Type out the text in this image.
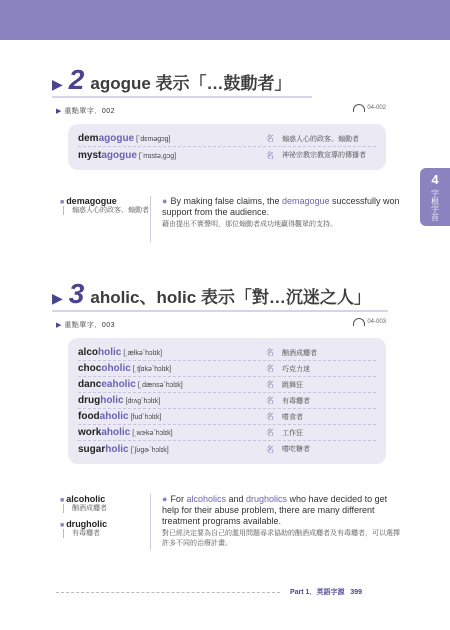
4
字根字首
▶ 2 agogue 表示「…鼓動者」
▶ 重點單字．002	04-002
demagogue [ˋdɛməgɔg]	名	煽惑人心的政客、煽動者
mystagogue [ˋmɪstə,gɔg]	名	神祕宗教宗教宣導的傳播者
■ demagogue
煽惑人心的政客、煽動者
● By making false claims, the demagogue successfully won support from the audience.
藉由提出不實聲明，那位煽動者成功地贏得觀眾的支持。
▶ 3 aholic、holic 表示「對…沉迷之人」
▶ 重點單字．003	04-003
alcoholic [ˌælkəˋhɔlɪk]	名	酗酒成癮者
chocoholic [ˌtʃɑkəˋhɔlɪk]	名	巧克力迷
danceaholic [ˌdænsəˋhɔlɪk]	名	跳舞狂
drugholic [drʌgˋhɔlɪk]	名	有毒癮者
foodaholic [fudˋhɔlɪk]	名	嗜食者
workaholic [ˌwɝkəˋhɔlɪk]	名	工作狂
sugarholic [ˋʃʊgɚˋhɔlɪk]	名	嗜吃糖者
■ alcoholic
酗酒成癮者
■ drugholic
有毒癮者
● For alcoholics and drugholics who have decided to get help for their abuse problem, there are many different treatment programs available.
對已經決定要為自己的濫用問題尋求協助的酗酒成癮者及有毒癮者，可以選擇許多不同的治療計畫。
Part 1．英語字源 399
